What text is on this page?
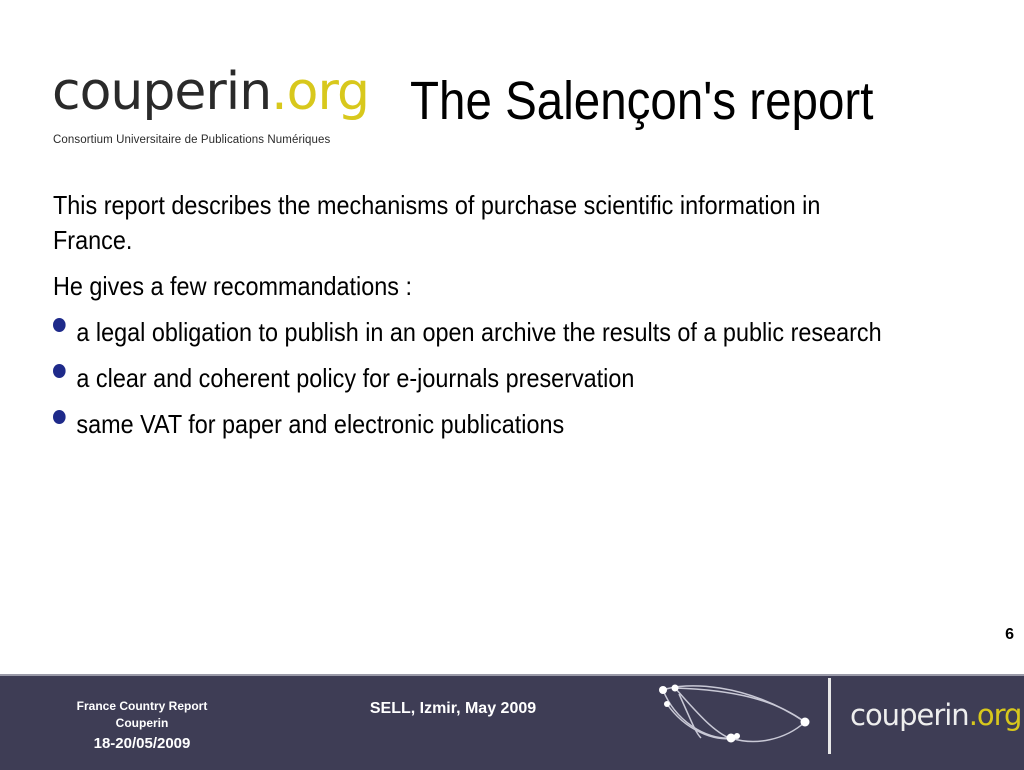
couperin.org
Consortium Universitaire de Publications Numériques
The Salençon's report

This report describes the mechanisms of purchase scientific information in France.

He gives a few recommandations :

a legal obligation to publish in an open archive the results of a public research
a clear and coherent policy for e-journals preservation
same VAT for paper and electronic publications
6
France Country Report
Couperin
18-20/05/2009
SELL, Izmir, May 2009	couperin.org
